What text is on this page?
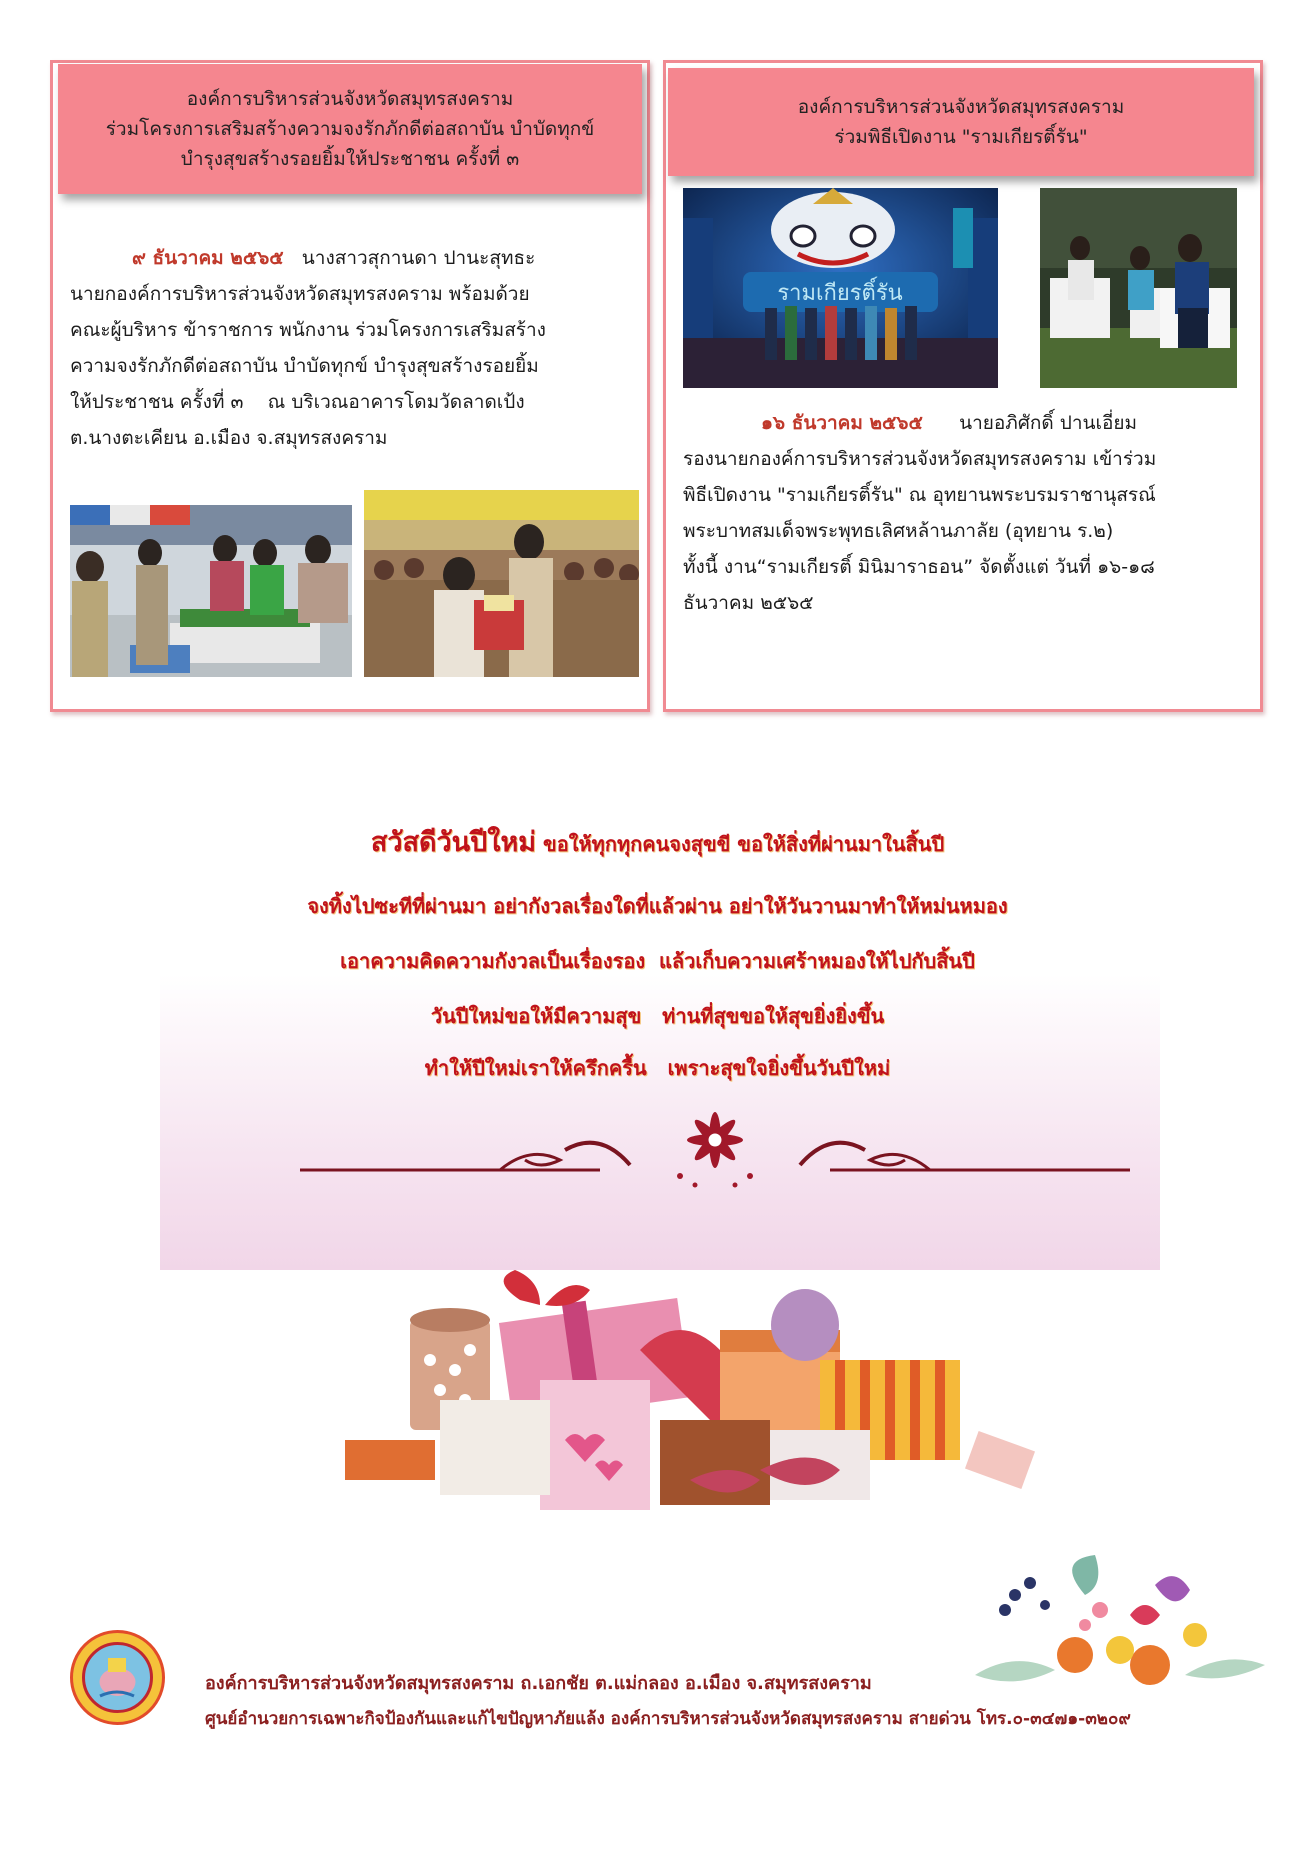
องค์การบริหารส่วนจังหวัดสมุทรสงคราม
ร่วมโครงการเสริมสร้างความจงรักภักดีต่อสถาบัน บำบัดทุกข์
บำรุงสุขสร้างรอยยิ้มให้ประชาชน ครั้งที่ ๓
๙ ธันวาคม ๒๕๖๕ นางสาวสุกานดา ปานะสุทธะ
นายกองค์การบริหารส่วนจังหวัดสมุทรสงคราม พร้อมด้วย
คณะผู้บริหาร ข้าราชการ พนักงาน ร่วมโครงการเสริมสร้าง
ความจงรักภักดีต่อสถาบัน บำบัดทุกข์ บำรุงสุขสร้างรอยยิ้ม
ให้ประชาชน ครั้งที่ ๓    ณ บริเวณอาคารโดมวัดลาดเป้ง
ต.นางตะเคียน อ.เมือง จ.สมุทรสงคราม
องค์การบริหารส่วนจังหวัดสมุทรสงคราม
ร่วมพิธีเปิดงาน "รามเกียรติ์รัน"
รามเกียรติ์รัน
๑๖ ธันวาคม ๒๕๖๕ นายอภิศักดิ์ ปานเอี่ยม
รองนายกองค์การบริหารส่วนจังหวัดสมุทรสงคราม เข้าร่วม
พิธีเปิดงาน "รามเกียรติ์รัน" ณ อุทยานพระบรมราชานุสรณ์
พระบาทสมเด็จพระพุทธเลิศหล้านภาลัย (อุทยาน ร.๒)
ทั้งนี้ งาน“รามเกียรติ์ มินิมาราธอน” จัดตั้งแต่ วันที่ ๑๖-๑๘
ธันวาคม ๒๕๖๕
สวัสดีวันปีใหม่ ขอให้ทุกทุกคนจงสุขขี ขอให้สิ่งที่ผ่านมาในสิ้นปี
จงทิ้งไปซะทีที่ผ่านมา อย่ากังวลเรื่องใดที่แล้วผ่าน อย่าให้วันวานมาทำให้หม่นหมอง
เอาความคิดความกังวลเป็นเรื่องรอง  แล้วเก็บความเศร้าหมองให้ไปกับสิ้นปี
วันปีใหม่ขอให้มีความสุข   ท่านที่สุขขอให้สุขยิ่งยิ่งขึ้น
ทำให้ปีใหม่เราให้ครึกครื้น   เพราะสุขใจยิ่งขึ้นวันปีใหม่
องค์การบริหารส่วนจังหวัดสมุทรสงคราม ถ.เอกชัย ต.แม่กลอง อ.เมือง จ.สมุทรสงคราม
ศูนย์อำนวยการเฉพาะกิจป้องกันและแก้ไขปัญหาภัยแล้ง องค์การบริหารส่วนจังหวัดสมุทรสงคราม สายด่วน โทร.๐-๓๔๗๑-๓๒๐๙
